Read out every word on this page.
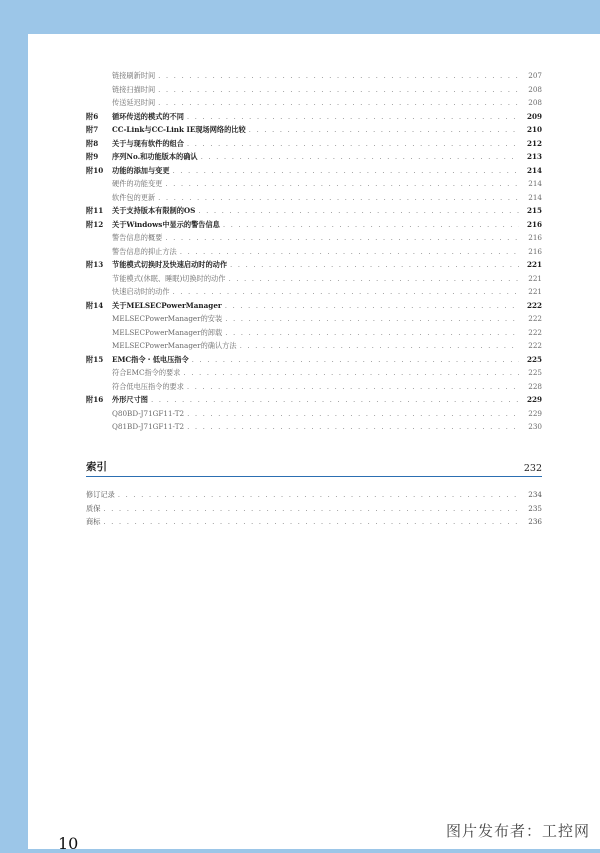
链接刷新时间 . . .	207
链接扫描时间 . . .	208
传送延迟时间 . . .	208
附6	循环传送的模式的不同 . . .	209
附7	CC-Link与CC-Link IE现场网络的比较 . . .	210
附8	关于与现有软件的组合 . . .	212
附9	序列No.和功能版本的确认 . . .	213
附10	功能的添加与变更 . . .	214
硬件的功能变更 . . .	214
软件包的更新 . . .	214
附11	关于支持版本有限制的OS . . .	215
附12	关于Windows中显示的警告信息 . . .	216
警告信息的概要 . . .	216
警告信息的抑止方法 . . .	216
附13	节能模式切换时及快速启动时的动作 . . .	221
节能模式(休眠、睡眠)切换时的动作 . . .	221
快速启动时的动作 . . .	221
附14	关于MELSECPowerManager . . .	222
MELSECPowerManager的安装 . . .	222
MELSECPowerManager的卸载 . . .	222
MELSECPowerManager的确认方法 . . .	222
附15	EMC指令・低电压指令 . . .	225
符合EMC指令的要求 . . .	225
符合低电压指令的要求 . . .	228
附16	外形尺寸图 . . .	229
Q80BD-J71GF11-T2 . . .	229
Q81BD-J71GF11-T2 . . .	230
索引	232
修订记录 . . .	234
质保 . . .	235
商标 . . .	236
10
图片发布者：工控网
